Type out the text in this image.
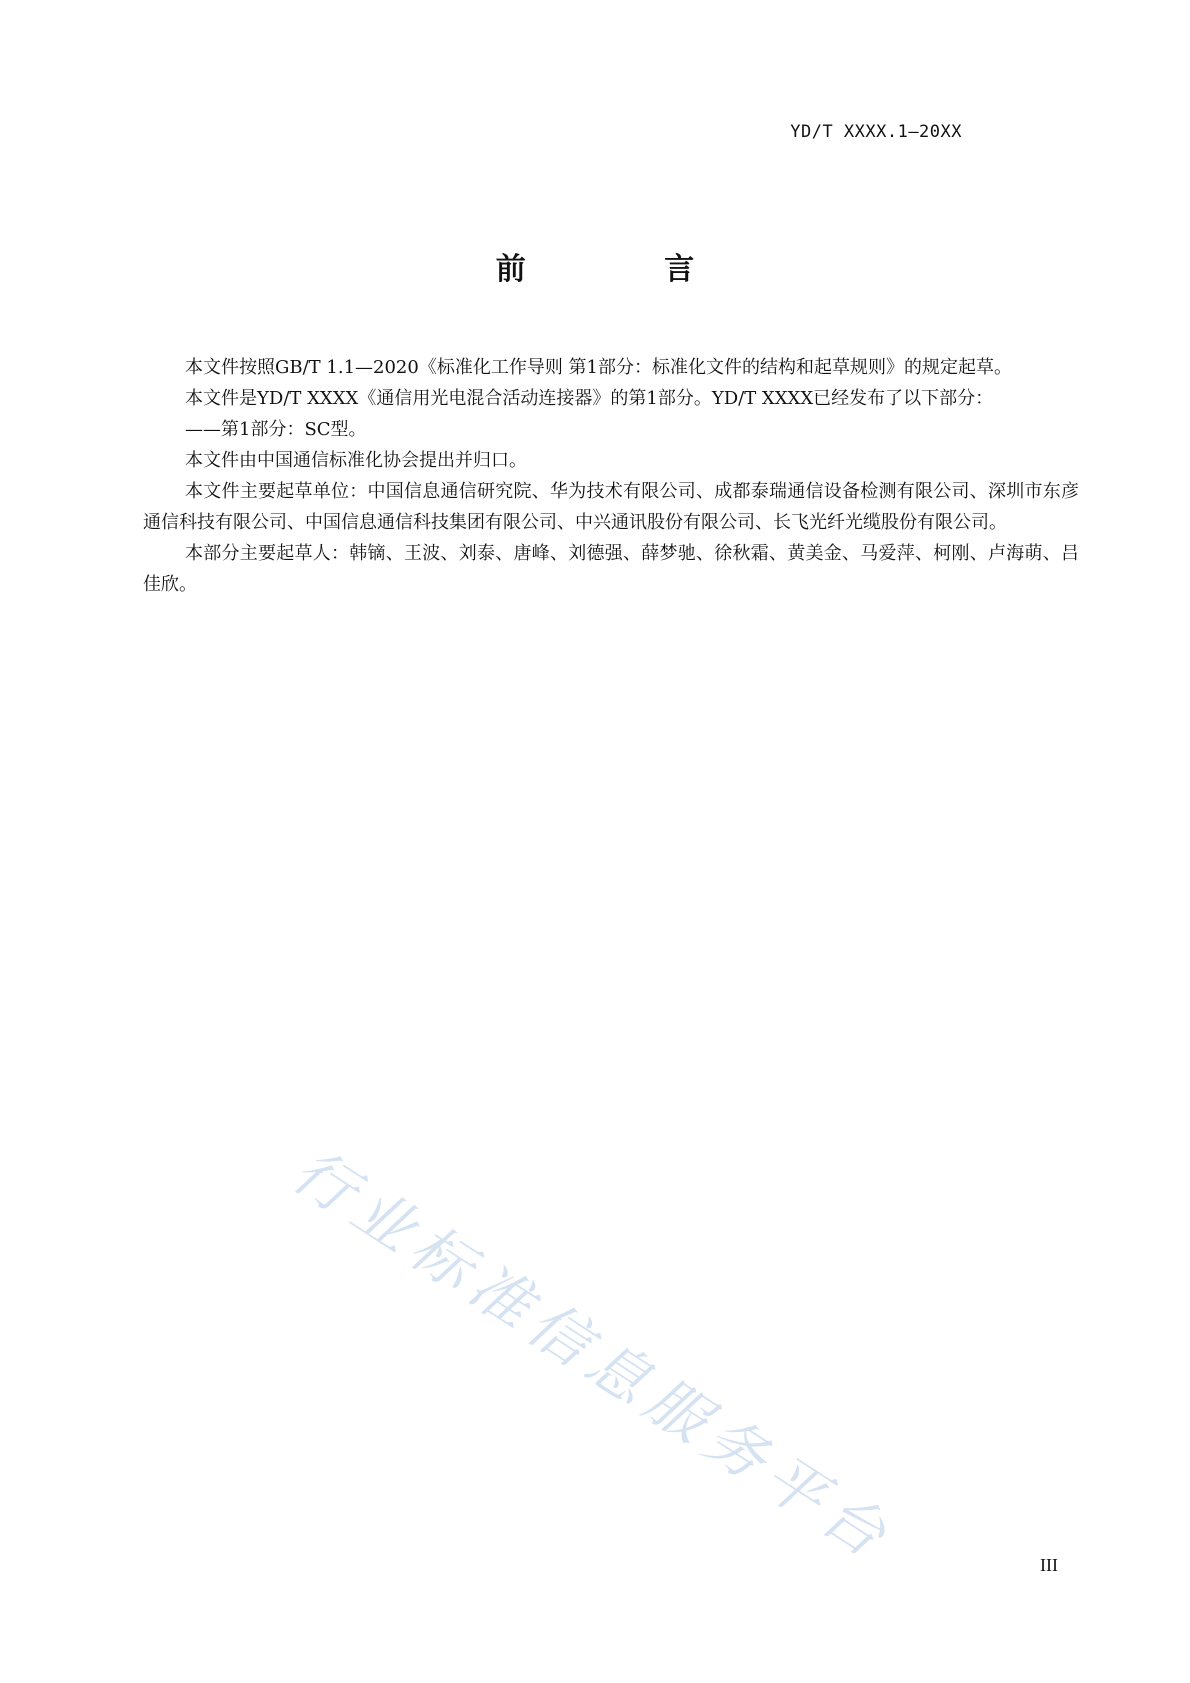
YD/T XXXX.1—20XX

前 言

本文件按照GB/T 1.1—2020《标准化工作导则 第1部分：标准化文件的结构和起草规则》的规定起草。

本文件是YD/T XXXX《通信用光电混合活动连接器》的第1部分。YD/T XXXX已经发布了以下部分：

——第1部分：SC型。

本文件由中国通信标准化协会提出并归口。

本文件主要起草单位：中国信息通信研究院、华为技术有限公司、成都泰瑞通信设备检测有限公司、深圳市东彦通信科技有限公司、中国信息通信科技集团有限公司、中兴通讯股份有限公司、长飞光纤光缆股份有限公司。

本部分主要起草人：韩镝、王波、刘泰、唐峰、刘德强、薛梦驰、徐秋霜、黄美金、马爱萍、柯刚、卢海萌、吕佳欣。

行业标准信息服务平台	III
